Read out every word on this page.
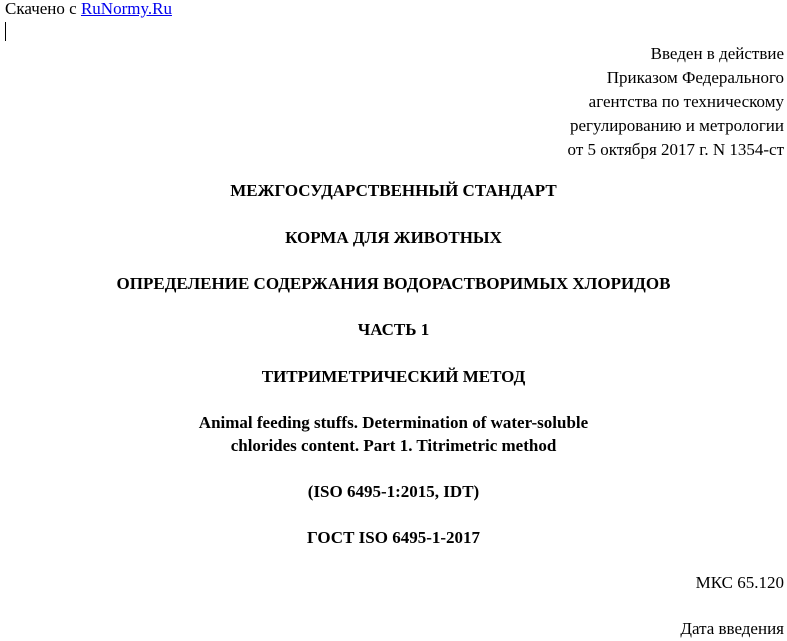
Скачено с RuNormy.Ru
Введен в действие
Приказом Федерального
агентства по техническому
регулированию и метрологии
от 5 октября 2017 г. N 1354-ст
МЕЖГОСУДАРСТВЕННЫЙ СТАНДАРТ
КОРМА ДЛЯ ЖИВОТНЫХ
ОПРЕДЕЛЕНИЕ СОДЕРЖАНИЯ ВОДОРАСТВОРИМЫХ ХЛОРИДОВ
ЧАСТЬ 1
ТИТРИМЕТРИЧЕСКИЙ МЕТОД
Animal feeding stuffs. Determination of water-soluble
chlorides content. Part 1. Titrimetric method
(ISO 6495-1:2015, IDT)
ГОСТ ISO 6495-1-2017
МКС 65.120
Дата введения
